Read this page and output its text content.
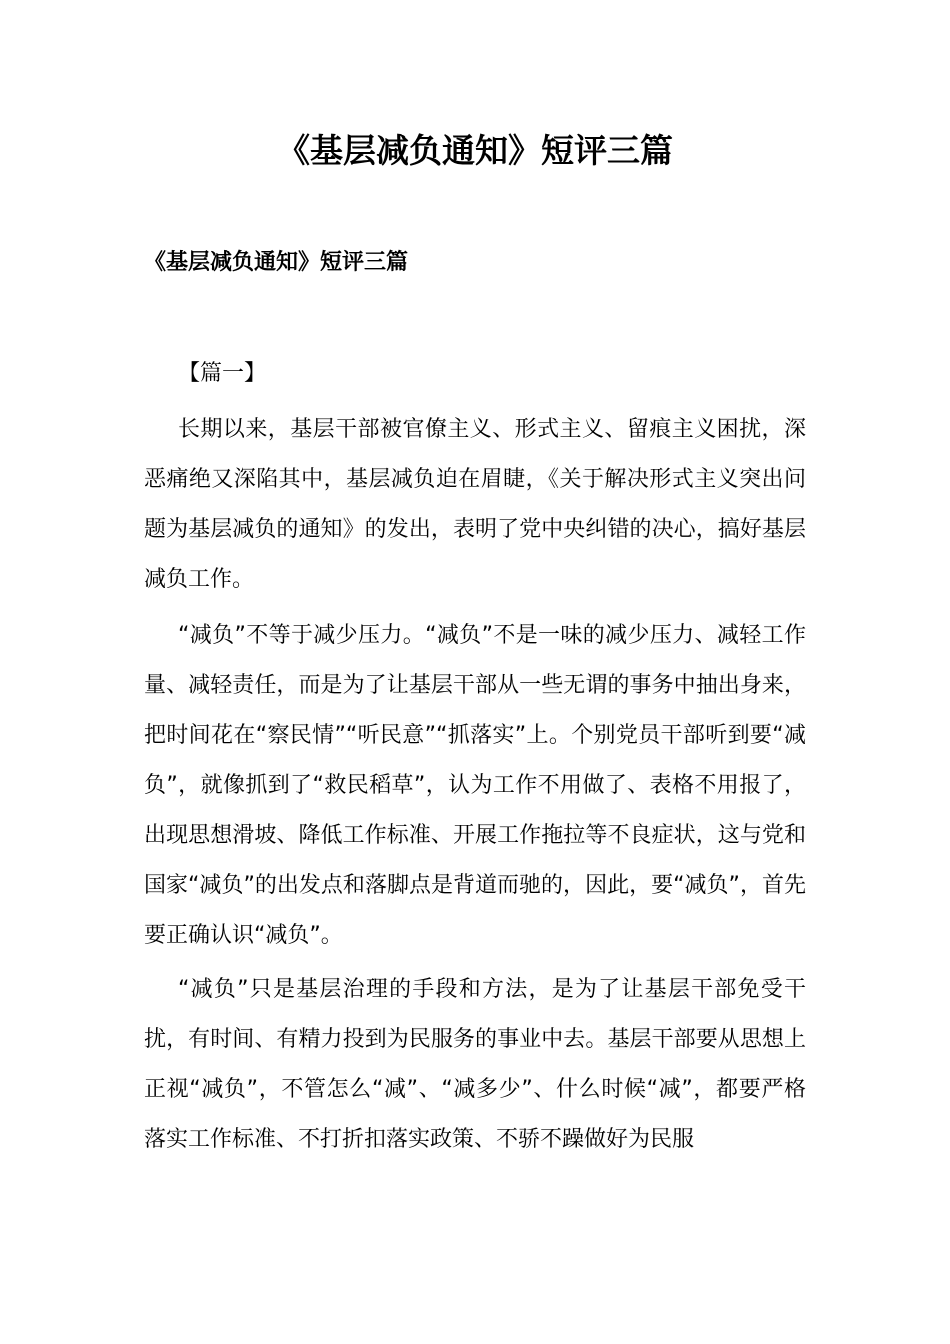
《基层减负通知》短评三篇
《基层减负通知》短评三篇

【篇一】

长期以来，基层干部被官僚主义、形式主义、留痕主义困扰，深恶痛绝又深陷其中，基层减负迫在眉睫，《关于解决形式主义突出问题为基层减负的通知》的发出，表明了党中央纠错的决心，搞好基层减负工作。

“减负”不等于减少压力。“减负”不是一味的减少压力、减轻工作量、减轻责任，而是为了让基层干部从一些无谓的事务中抽出身来，把时间花在“察民情”“听民意”“抓落实”上。个别党员干部听到要“减负”，就像抓到了“救民稻草”，认为工作不用做了、表格不用报了，出现思想滑坡、降低工作标准、开展工作拖拉等不良症状，这与党和国家“减负”的出发点和落脚点是背道而驰的，因此，要“减负”，首先要正确认识“减负”。

“减负”只是基层治理的手段和方法，是为了让基层干部免受干扰，有时间、有精力投到为民服务的事业中去。基层干部要从思想上正视“减负”，不管怎么“减”、“减多少”、什么时候“减”，都要严格落实工作标准、不打折扣落实政策、不骄不躁做好为民服
